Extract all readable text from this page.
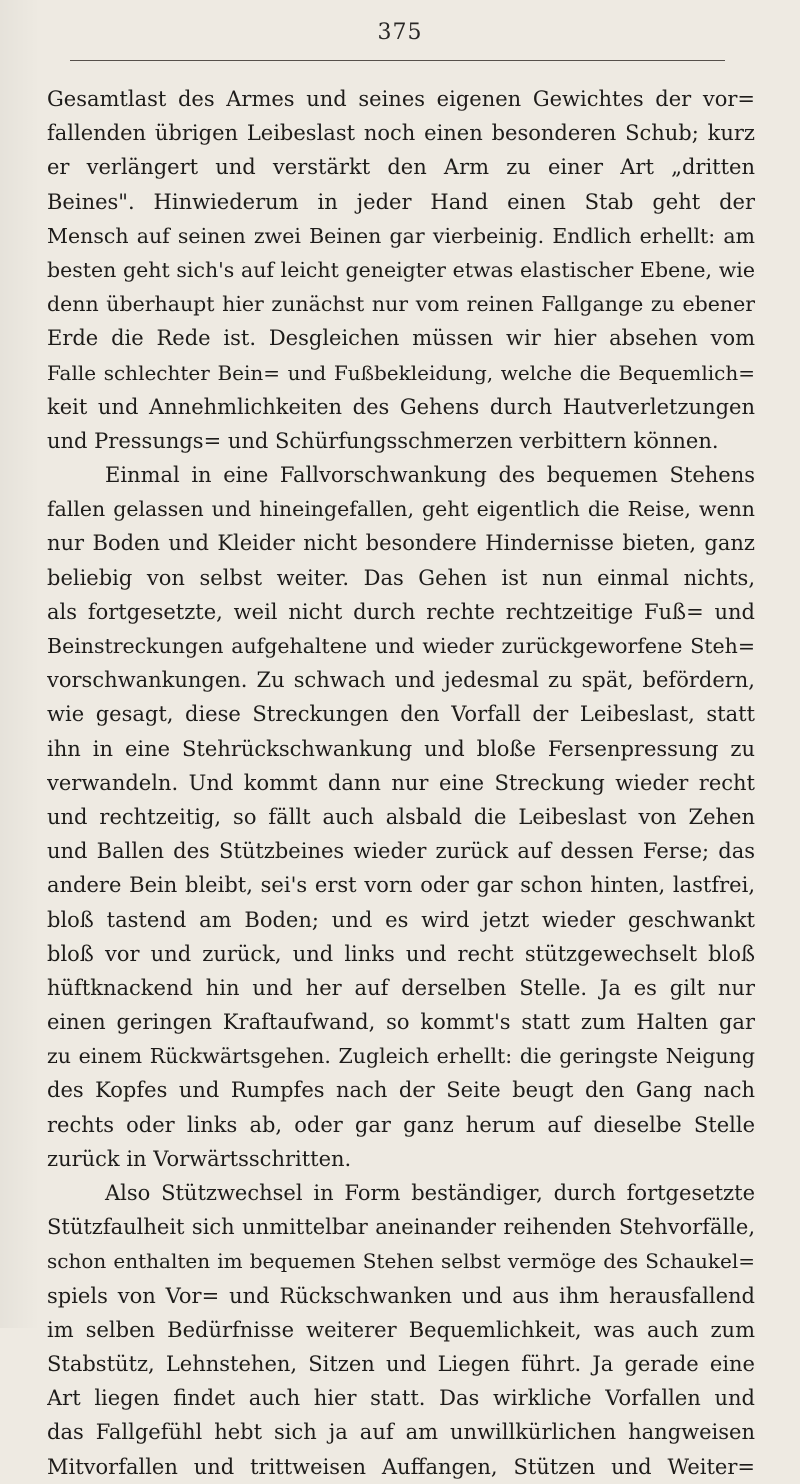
375
Gesamtlast des Armes und seines eigenen Gewichtes der vor=
fallenden übrigen Leibeslast noch einen besonderen Schub; kurz
er verlängert und verstärkt den Arm zu einer Art „dritten
Beines". Hinwiederum in jeder Hand einen Stab geht der
Mensch auf seinen zwei Beinen gar vierbeinig. Endlich erhellt: am
besten geht sich's auf leicht geneigter etwas elastischer Ebene, wie
denn überhaupt hier zunächst nur vom reinen Fallgange zu ebener
Erde die Rede ist. Desgleichen müssen wir hier absehen vom
Falle schlechter Bein= und Fußbekleidung, welche die Bequemlich=
keit und Annehmlichkeiten des Gehens durch Hautverletzungen
und Pressungs= und Schürfungsschmerzen verbittern können.
Einmal in eine Fallvorschwankung des bequemen Stehens
fallen gelassen und hineingefallen, geht eigentlich die Reise, wenn
nur Boden und Kleider nicht besondere Hindernisse bieten, ganz
beliebig von selbst weiter. Das Gehen ist nun einmal nichts,
als fortgesetzte, weil nicht durch rechte rechtzeitige Fuß= und
Beinstreckungen aufgehaltene und wieder zurückgeworfene Steh=
vorschwankungen. Zu schwach und jedesmal zu spät, befördern,
wie gesagt, diese Streckungen den Vorfall der Leibeslast, statt
ihn in eine Stehrückschwankung und bloße Fersenpressung zu
verwandeln. Und kommt dann nur eine Streckung wieder recht
und rechtzeitig, so fällt auch alsbald die Leibeslast von Zehen
und Ballen des Stützbeines wieder zurück auf dessen Ferse; das
andere Bein bleibt, sei's erst vorn oder gar schon hinten, lastfrei,
bloß tastend am Boden; und es wird jetzt wieder geschwankt
bloß vor und zurück, und links und recht stützgewechselt bloß
hüftknackend hin und her auf derselben Stelle. Ja es gilt nur
einen geringen Kraftaufwand, so kommt's statt zum Halten gar
zu einem Rückwärtsgehen. Zugleich erhellt: die geringste Neigung
des Kopfes und Rumpfes nach der Seite beugt den Gang nach
rechts oder links ab, oder gar ganz herum auf dieselbe Stelle
zurück in Vorwärtsschritten.
Also Stützwechsel in Form beständiger, durch fortgesetzte
Stützfaulheit sich unmittelbar aneinander reihenden Stehvorfälle,
schon enthalten im bequemen Stehen selbst vermöge des Schaukel=
spiels von Vor= und Rückschwanken und aus ihm herausfallend
im selben Bedürfnisse weiterer Bequemlichkeit, was auch zum
Stabstütz, Lehnstehen, Sitzen und Liegen führt. Ja gerade eine
Art liegen findet auch hier statt. Das wirkliche Vorfallen und
das Fallgefühl hebt sich ja auf am unwillkürlichen hangweisen
Mitvorfallen und trittweisen Auffangen, Stützen und Weiter=
